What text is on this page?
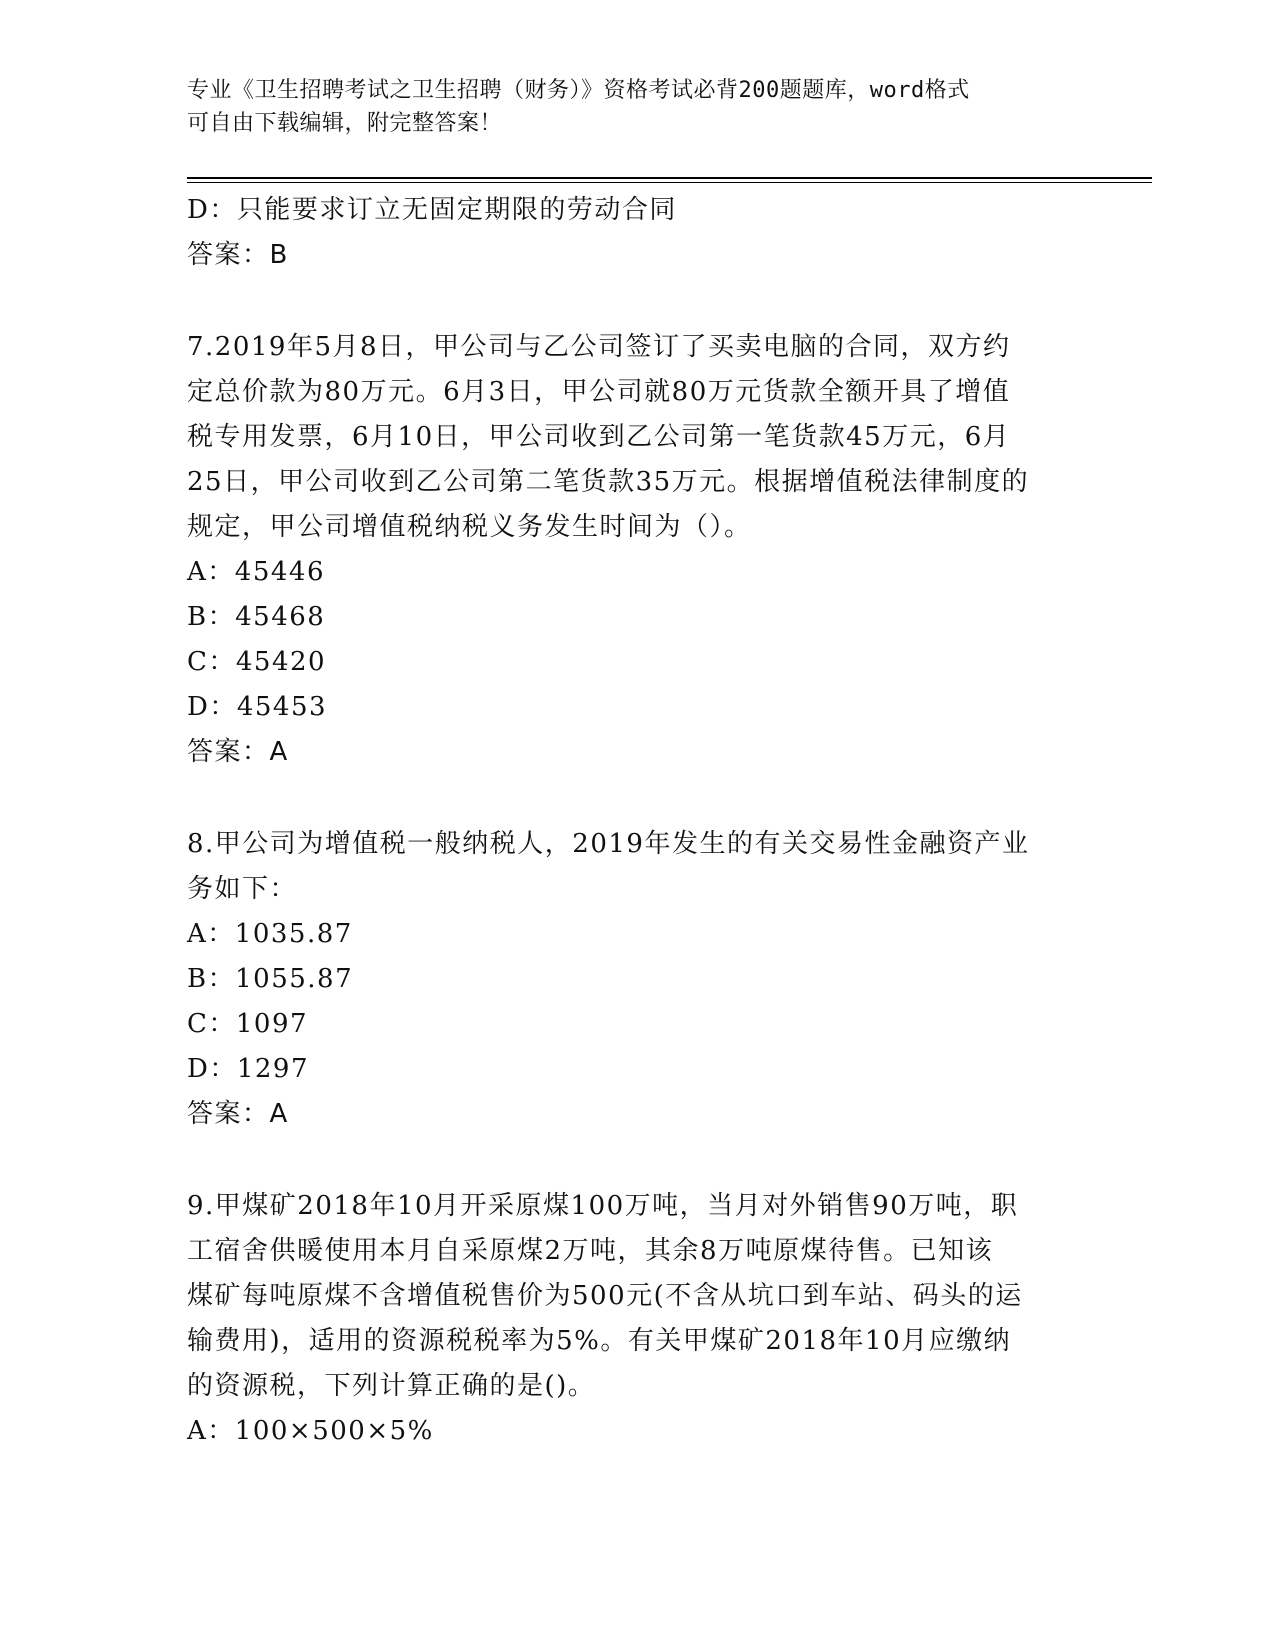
专业《卫生招聘考试之卫生招聘（财务）》资格考试必背200题题库，word格式
可自由下载编辑，附完整答案！
D：只能要求订立无固定期限的劳动合同
答案：B
7.2019年5月8日，甲公司与乙公司签订了买卖电脑的合同，双方约
定总价款为80万元。6月3日，甲公司就80万元货款全额开具了增值
税专用发票，6月10日，甲公司收到乙公司第一笔货款45万元，6月
25日，甲公司收到乙公司第二笔货款35万元。根据增值税法律制度的
规定，甲公司增值税纳税义务发生时间为（）。
A：45446
B：45468
C：45420
D：45453
答案：A
8.甲公司为增值税一般纳税人，2019年发生的有关交易性金融资产业
务如下：
A：1035.87
B：1055.87
C：1097
D：1297
答案：A
9.甲煤矿2018年10月开采原煤100万吨，当月对外销售90万吨，职
工宿舍供暖使用本月自采原煤2万吨，其余8万吨原煤待售。已知该
煤矿每吨原煤不含增值税售价为500元(不含从坑口到车站、码头的运
输费用)，适用的资源税税率为5%。有关甲煤矿2018年10月应缴纳
的资源税，下列计算正确的是()。
A：100×500×5%
